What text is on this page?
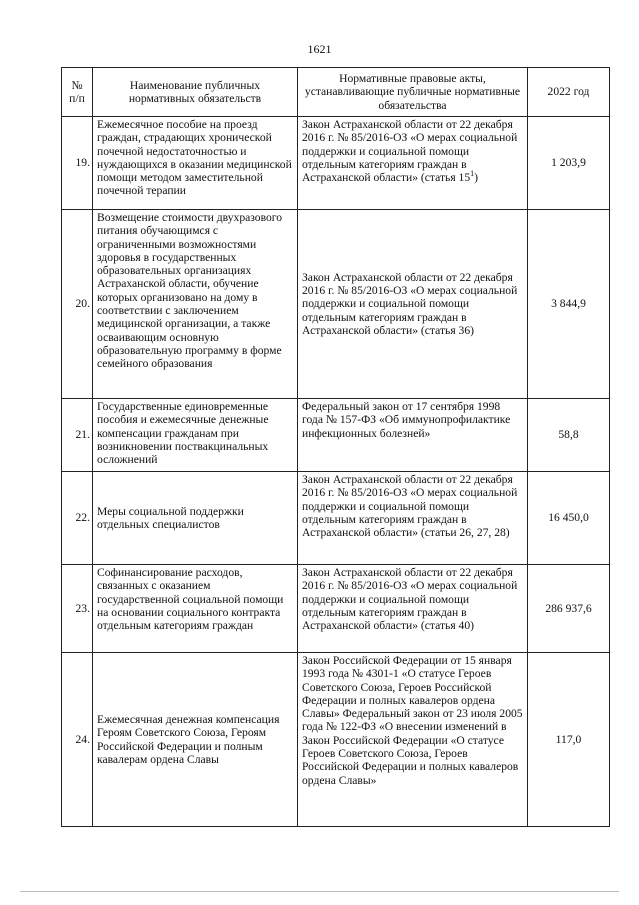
1621
№ п/п	Наименование публичных нормативных обязательств	Нормативные правовые акты, устанавливающие публичные нормативные обязательства	2022 год
19.	Ежемесячное пособие на проезд граждан, страдающих хронической почечной недостаточностью и нуждающихся в оказании медицинской помощи методом заместительной почечной терапии	Закон Астраханской области от 22 декабря 2016 г. № 85/2016-ОЗ «О мерах социальной поддержки и социальной помощи отдельным категориям граждан в Астраханской области» (статья $15^1$)	1 203,9
20.	Возмещение стоимости двухразового питания обучающимся с ограниченными возможностями здоровья в государственных образовательных организациях Астраханской области, обучение которых организовано на дому в соответствии с заключением медицинской организации, а также осваивающим основную образовательную программу в форме семейного образования	Закон Астраханской области от 22 декабря 2016 г. № 85/2016-ОЗ «О мерах социальной поддержки и социальной помощи отдельным категориям граждан в Астраханской области» (статья 36)	3 844,9
21.	Государственные единовременные пособия и ежемесячные денежные компенсации гражданам при возникновении поствакцинальных осложнений	Федеральный закон от 17 сентября 1998 года № 157-ФЗ «Об иммунопрофилактике инфекционных болезней»	58,8
22.	Меры социальной поддержки отдельных специалистов	Закон Астраханской области от 22 декабря 2016 г. № 85/2016-ОЗ «О мерах социальной поддержки и социальной помощи отдельным категориям граждан в Астраханской области» (статьи 26, 27, 28)	16 450,0
23.	Софинансирование расходов, связанных с оказанием государственной социальной помощи на основании социального контракта отдельным категориям граждан	Закон Астраханской области от 22 декабря 2016 г. № 85/2016-ОЗ «О мерах социальной поддержки и социальной помощи отдельным категориям граждан в Астраханской области» (статья 40)	286 937,6
24.	Ежемесячная денежная компенсация Героям Советского Союза, Героям Российской Федерации и полным кавалерам ордена Славы	Закон Российской Федерации от 15 января 1993 года № 4301-1 «О статусе Героев Советского Союза, Героев Российской Федерации и полных кавалеров ордена Славы» Федеральный закон от 23 июля 2005 года № 122-ФЗ «О внесении изменений в Закон Российской Федерации «О статусе Героев Советского Союза, Героев Российской Федерации и полных кавалеров ордена Славы»	117,0
